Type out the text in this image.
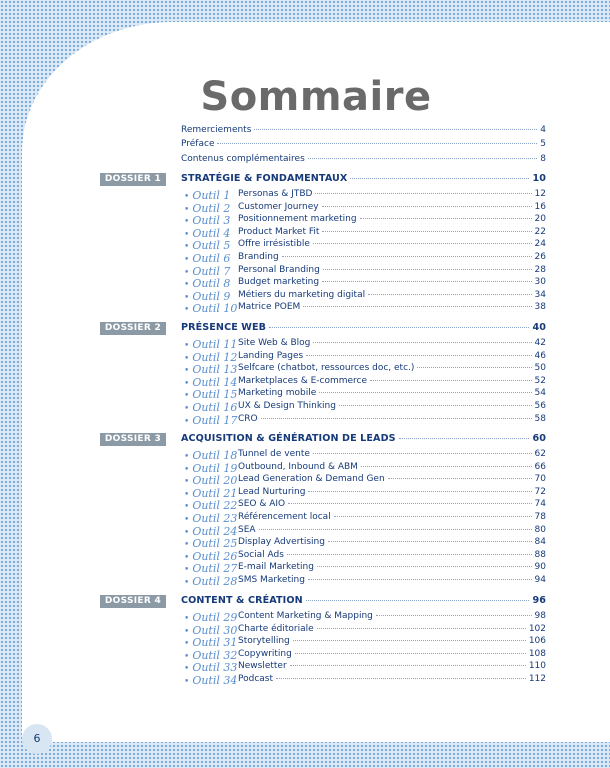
Sommaire
Remerciements	4
Préface	5
Contenus complémentaires	8
DOSSIER 1	STRATÉGIE & FONDAMENTAUX	10
• Outil 1 Personas & JTBD	12
• Outil 2 Customer Journey	16
• Outil 3 Positionnement marketing	20
• Outil 4 Product Market Fit	22
• Outil 5 Offre irrésistible	24
• Outil 6 Branding	26
• Outil 7 Personal Branding	28
• Outil 8 Budget marketing	30
• Outil 9 Métiers du marketing digital	34
• Outil 10 Matrice POEM	38
DOSSIER 2	PRÉSENCE WEB	40
• Outil 11 Site Web & Blog	42
• Outil 12 Landing Pages	46
• Outil 13 Selfcare (chatbot, ressources doc, etc.)	50
• Outil 14 Marketplaces & E-commerce	52
• Outil 15 Marketing mobile	54
• Outil 16 UX & Design Thinking	56
• Outil 17 CRO	58
DOSSIER 3	ACQUISITION & GÉNÉRATION DE LEADS	60
• Outil 18 Tunnel de vente	62
• Outil 19 Outbound, Inbound & ABM	66
• Outil 20 Lead Generation & Demand Gen	70
• Outil 21 Lead Nurturing	72
• Outil 22 SEO & AIO	74
• Outil 23 Référencement local	78
• Outil 24 SEA	80
• Outil 25 Display Advertising	84
• Outil 26 Social Ads	88
• Outil 27 E-mail Marketing	90
• Outil 28 SMS Marketing	94
DOSSIER 4	CONTENT & CRÉATION	96
• Outil 29 Content Marketing & Mapping	98
• Outil 30 Charte éditoriale	102
• Outil 31 Storytelling	106
• Outil 32 Copywriting	108
• Outil 33 Newsletter	110
• Outil 34 Podcast	112
6
